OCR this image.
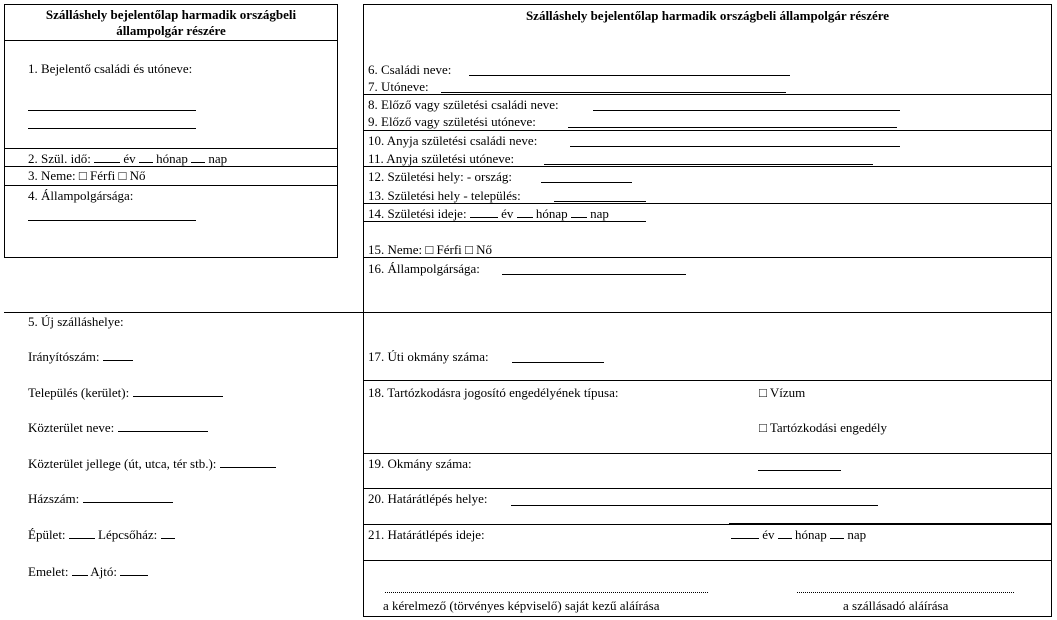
Szálláshely bejelentőlap harmadik országbeli
állampolgár részére
1. Bejelentő családi és utóneve:
2. Szül. idő:	év hónap nap
3. Neme: □ Férfi □ Nő
4. Állampolgársága:
5. Új szálláshelye:
Irányítószám:
Település (kerület):
Közterület neve:
Közterület jellege (út, utca, tér stb.):
Házszám:
Épület:	Lépcsőház:
Emelet: Ajtó:
Szálláshely bejelentőlap harmadik országbeli állampolgár részére
6. Családi neve:
7. Utóneve:
8. Előző vagy születési családi neve:
9. Előző vagy születési utóneve:
10. Anyja születési családi neve:
11. Anyja születési utóneve:
12. Születési hely: - ország:
13. Születési hely - település:
14. Születési ideje:	év hónap nap
15. Neme: □ Férfi □ Nő
16. Állampolgársága:
17. Úti okmány száma:
18. Tartózkodásra jogosító engedélyének típusa:	□ Vízum
□ Tartózkodási engedély
19. Okmány száma:
20. Határátlépés helye:
21. Határátlépés ideje:	év hónap nap
a kérelmező (törvényes képviselő) saját kezű aláírása	a szállásadó aláírása
